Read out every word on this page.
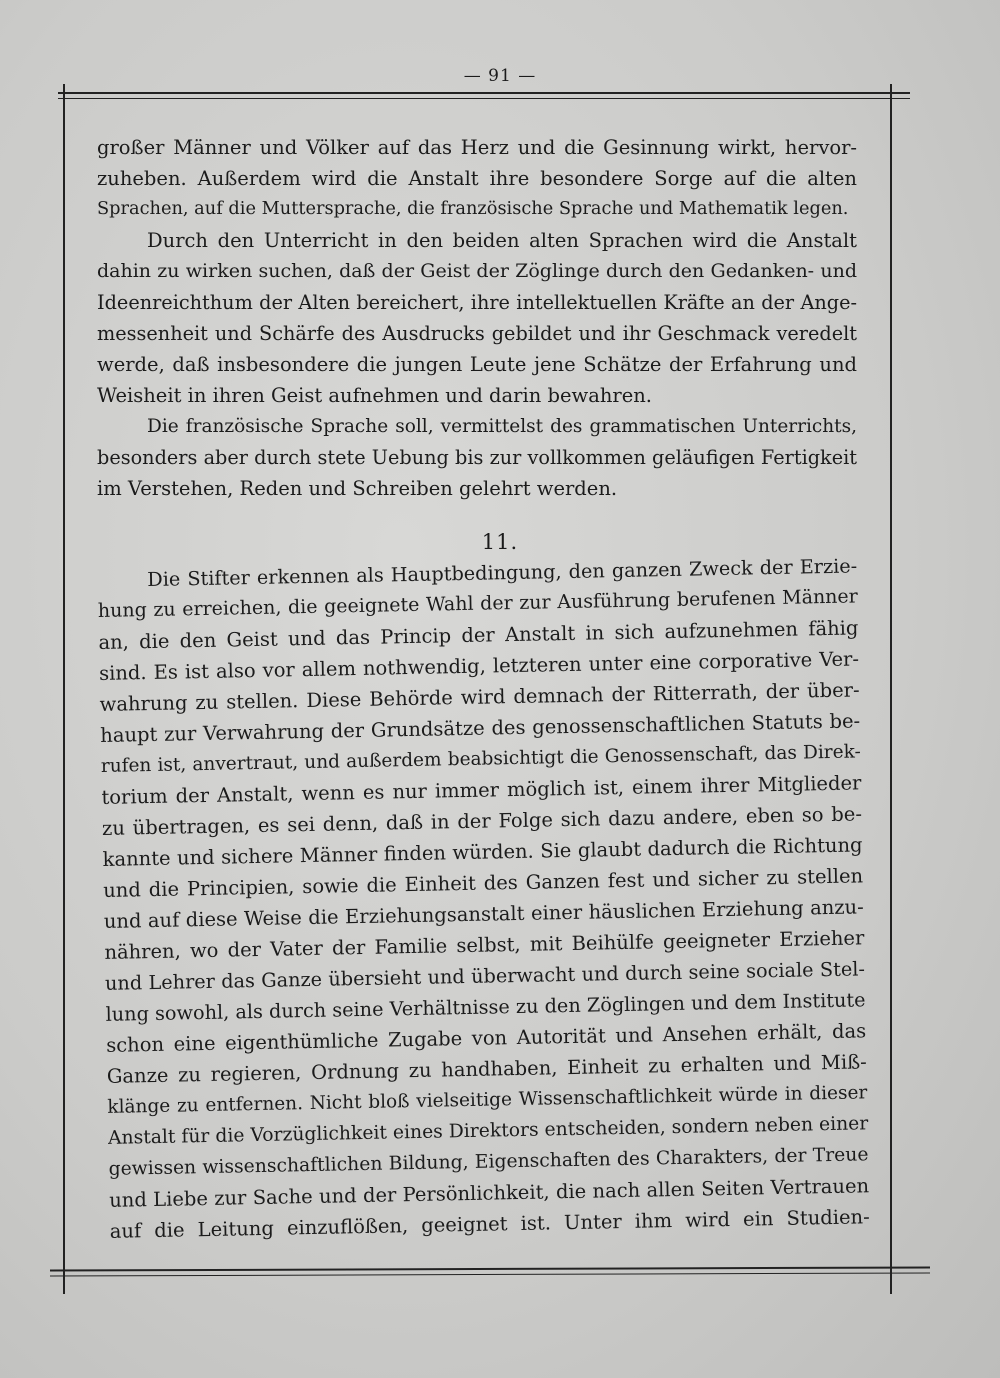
— 91 —
großer Männer und Völker auf das Herz und die Gesinnung wirkt, hervor-
zuheben. Außerdem wird die Anstalt ihre besondere Sorge auf die alten
Sprachen, auf die Muttersprache, die französische Sprache und Mathematik legen.
Durch den Unterricht in den beiden alten Sprachen wird die Anstalt
dahin zu wirken suchen, daß der Geist der Zöglinge durch den Gedanken- und
Ideenreichthum der Alten bereichert, ihre intellektuellen Kräfte an der Ange-
messenheit und Schärfe des Ausdrucks gebildet und ihr Geschmack veredelt
werde, daß insbesondere die jungen Leute jene Schätze der Erfahrung und
Weisheit in ihren Geist aufnehmen und darin bewahren.
Die französische Sprache soll, vermittelst des grammatischen Unterrichts,
besonders aber durch stete Uebung bis zur vollkommen geläufigen Fertigkeit
im Verstehen, Reden und Schreiben gelehrt werden.
11.
Die Stifter erkennen als Hauptbedingung, den ganzen Zweck der Erzie-
hung zu erreichen, die geeignete Wahl der zur Ausführung berufenen Männer
an, die den Geist und das Princip der Anstalt in sich aufzunehmen fähig
sind. Es ist also vor allem nothwendig, letzteren unter eine corporative Ver-
wahrung zu stellen. Diese Behörde wird demnach der Ritterrath, der über-
haupt zur Verwahrung der Grundsätze des genossenschaftlichen Statuts be-
rufen ist, anvertraut, und außerdem beabsichtigt die Genossenschaft, das Direk-
torium der Anstalt, wenn es nur immer möglich ist, einem ihrer Mitglieder
zu übertragen, es sei denn, daß in der Folge sich dazu andere, eben so be-
kannte und sichere Männer finden würden. Sie glaubt dadurch die Richtung
und die Principien, sowie die Einheit des Ganzen fest und sicher zu stellen
und auf diese Weise die Erziehungsanstalt einer häuslichen Erziehung anzu-
nähren, wo der Vater der Familie selbst, mit Beihülfe geeigneter Erzieher
und Lehrer das Ganze übersieht und überwacht und durch seine sociale Stel-
lung sowohl, als durch seine Verhältnisse zu den Zöglingen und dem Institute
schon eine eigenthümliche Zugabe von Autorität und Ansehen erhält, das
Ganze zu regieren, Ordnung zu handhaben, Einheit zu erhalten und Miß-
klänge zu entfernen. Nicht bloß vielseitige Wissenschaftlichkeit würde in dieser
Anstalt für die Vorzüglichkeit eines Direktors entscheiden, sondern neben einer
gewissen wissenschaftlichen Bildung, Eigenschaften des Charakters, der Treue
und Liebe zur Sache und der Persönlichkeit, die nach allen Seiten Vertrauen
auf die Leitung einzuflößen, geeignet ist. Unter ihm wird ein Studien-
